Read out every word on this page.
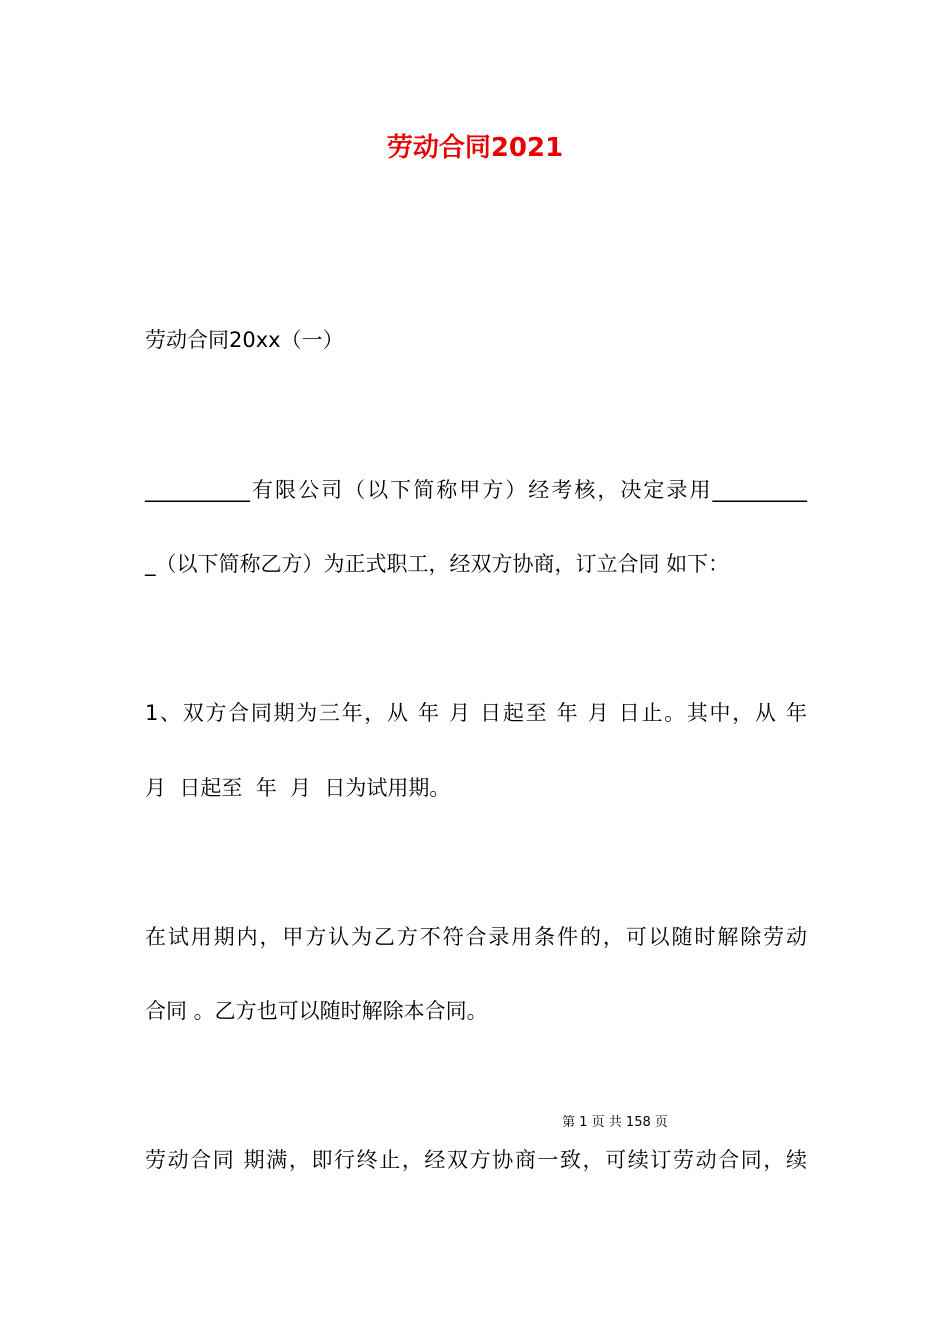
劳动合同2021
劳动合同20xx（一）
__________有限公司（以下简称甲方）经考核，决定录用_________
_（以下简称乙方）为正式职工，经双方协商，订立合同 如下：
1、双方合同期为三年，从 年 月 日起至 年 月 日止。其中，从 年
月  日起至  年  月  日为试用期。
在试用期内，甲方认为乙方不符合录用条件的，可以随时解除劳动
合同 。乙方也可以随时解除本合同。
第 1 页 共 158 页
劳动合同 期满，即行终止，经双方协商一致，可续订劳动合同，续
